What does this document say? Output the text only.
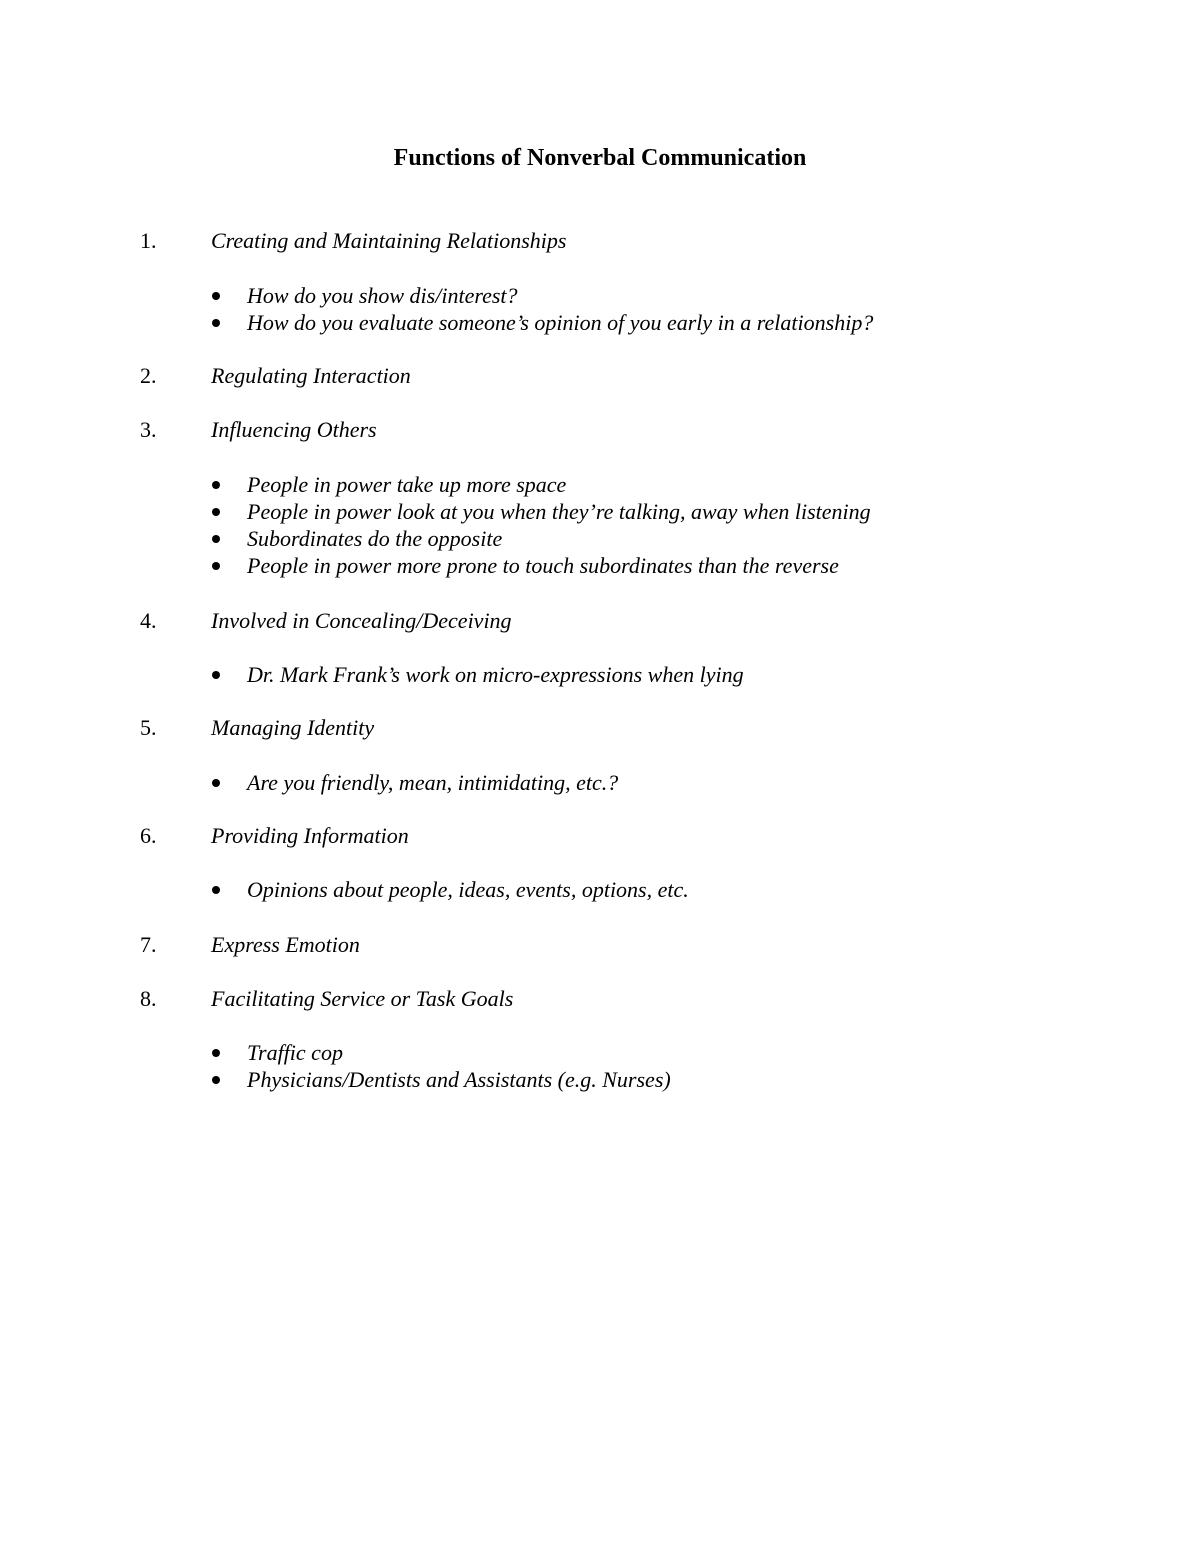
Functions of Nonverbal Communication
1. Creating and Maintaining Relationships
How do you show dis/interest?
How do you evaluate someone’s opinion of you early in a relationship?
2. Regulating Interaction
3. Influencing Others
People in power take up more space
People in power look at you when they’re talking, away when listening
Subordinates do the opposite
People in power more prone to touch subordinates than the reverse
4. Involved in Concealing/Deceiving
Dr. Mark Frank’s work on micro-expressions when lying
5. Managing Identity
Are you friendly, mean, intimidating, etc.?
6. Providing Information
Opinions about people, ideas, events, options, etc.
7. Express Emotion
8. Facilitating Service or Task Goals
Traffic cop
Physicians/Dentists and Assistants (e.g. Nurses)
